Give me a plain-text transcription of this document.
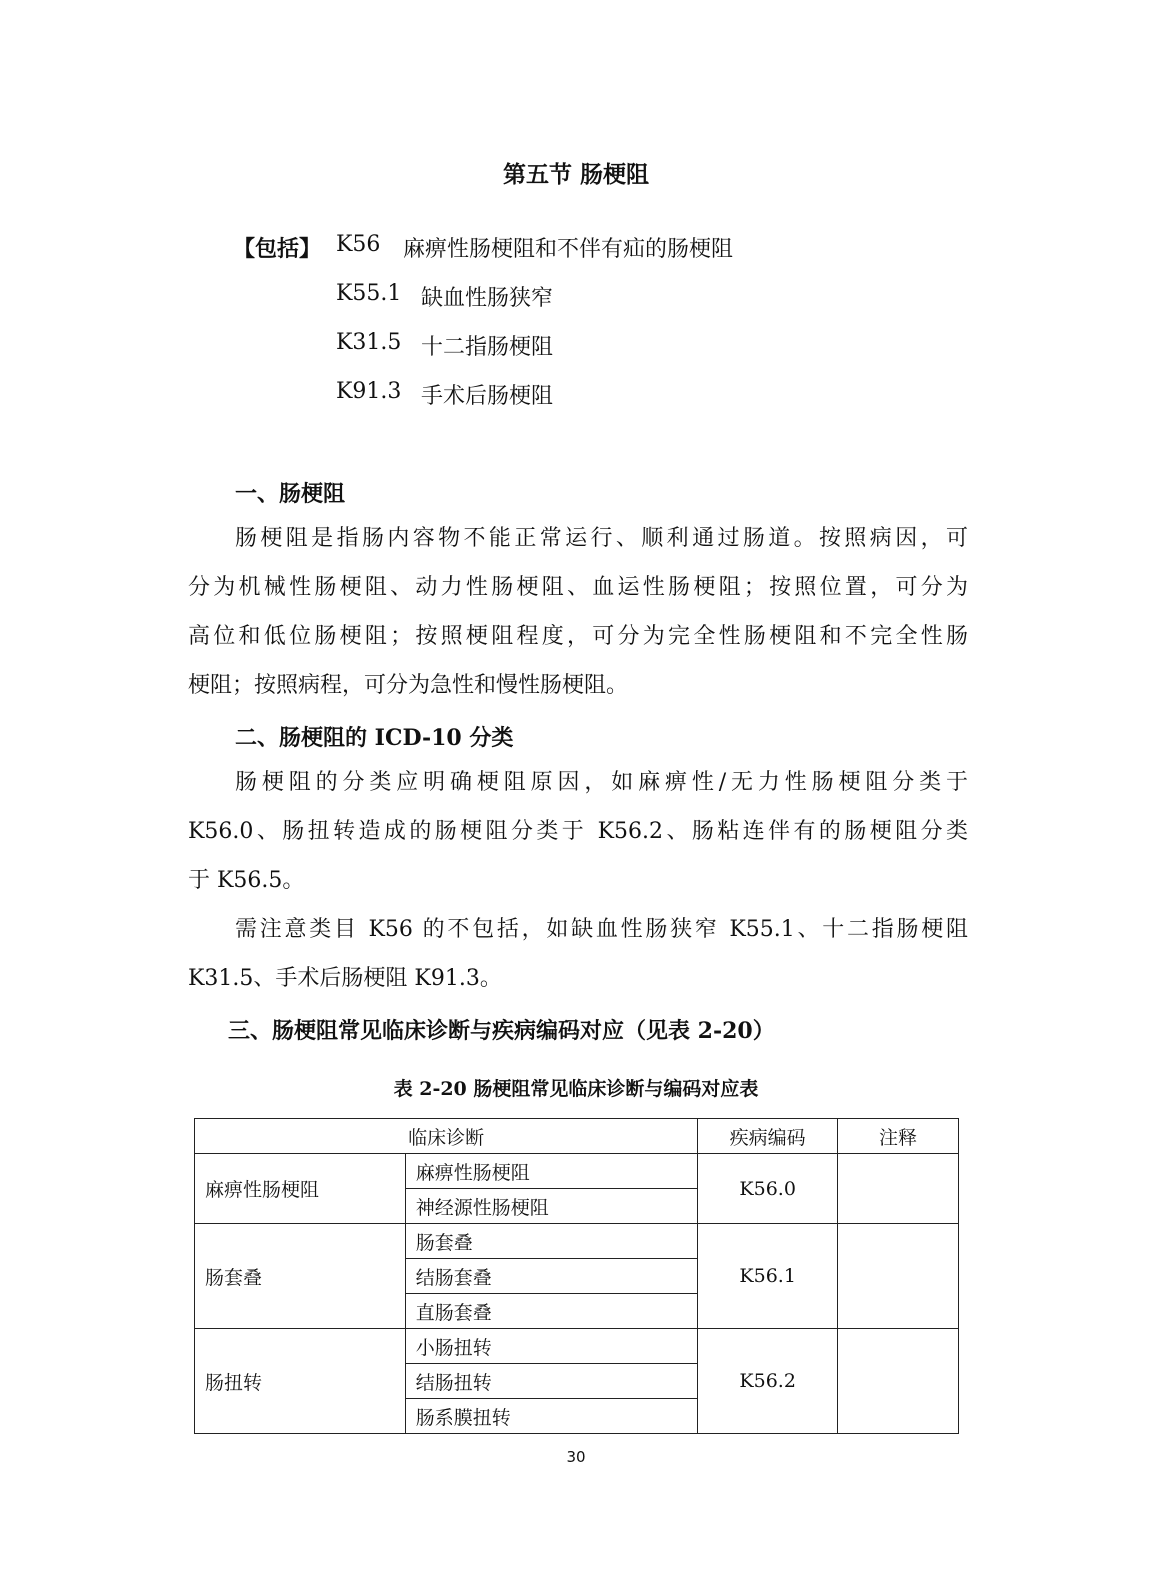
第五节 肠梗阻
【包括】 K56 麻痹性肠梗阻和不伴有疝的肠梗阻
K55.1 缺血性肠狭窄
K31.5 十二指肠梗阻
K91.3 手术后肠梗阻
一、肠梗阻
肠梗阻是指肠内容物不能正常运行、顺利通过肠道。按照病因，可
分为机械性肠梗阻、动力性肠梗阻、血运性肠梗阻；按照位置，可分为
高位和低位肠梗阻；按照梗阻程度，可分为完全性肠梗阻和不完全性肠
梗阻；按照病程，可分为急性和慢性肠梗阻。
二、肠梗阻的 ICD-10 分类
肠梗阻的分类应明确梗阻原因，如麻痹性/无力性肠梗阻分类于
K56.0、肠扭转造成的肠梗阻分类于 K56.2、肠粘连伴有的肠梗阻分类
于 K56.5。
需注意类目 K56 的不包括，如缺血性肠狭窄 K55.1、十二指肠梗阻
K31.5、手术后肠梗阻 K91.3。
三、肠梗阻常见临床诊断与疾病编码对应（见表 2-20）
表 2-20 肠梗阻常见临床诊断与编码对应表
临床诊断		疾病编码	注释
麻痹性肠梗阻	麻痹性肠梗阻	K56.0	
	神经源性肠梗阻		
肠套叠	肠套叠	K56.1	
	结肠套叠		
	直肠套叠		
肠扭转	小肠扭转	K56.2	
	结肠扭转		
	肠系膜扭转		
30
